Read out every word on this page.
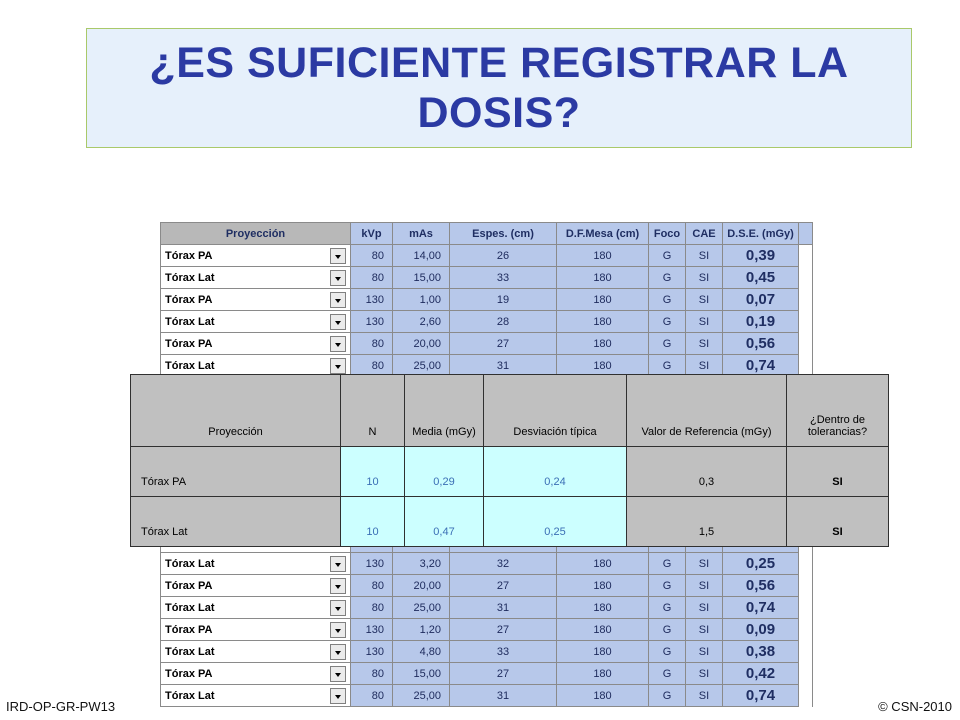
¿ES SUFICIENTE REGISTRAR LA DOSIS?
Proyección		kVp	mAs	Espes. (cm)	D.F.Mesa (cm)	Foco	CAE	D.S.E. (mGy)	
Tórax PA		80	14,00	26	180	G	SI	0,39	
Tórax Lat		80	15,00	33	180	G	SI	0,45	
Tórax PA		130	1,00	19	180	G	SI	0,07	
Tórax Lat		130	2,60	28	180	G	SI	0,19	
Tórax PA		80	20,00	27	180	G	SI	0,56	
Tórax Lat		80	25,00	31	180	G	SI	0,74	

Tórax Lat		130	3,20	32	180	G	SI	0,25	
Tórax PA		80	20,00	27	180	G	SI	0,56	
Tórax Lat		80	25,00	31	180	G	SI	0,74	
Tórax PA		130	1,20	27	180	G	SI	0,09	
Tórax Lat		130	4,80	33	180	G	SI	0,38	
Tórax PA		80	15,00	27	180	G	SI	0,42	
Tórax Lat		80	25,00	31	180	G	SI	0,74	
Proyección	N	Media (mGy)	Desviación típica	Valor de Referencia (mGy)	¿Dentro de tolerancias?
Tórax PA	10	0,29	0,24	0,3	SI
Tórax Lat	10	0,47	0,25	1,5	SI
IRD-OP-GR-PW13	© CSN-2010
